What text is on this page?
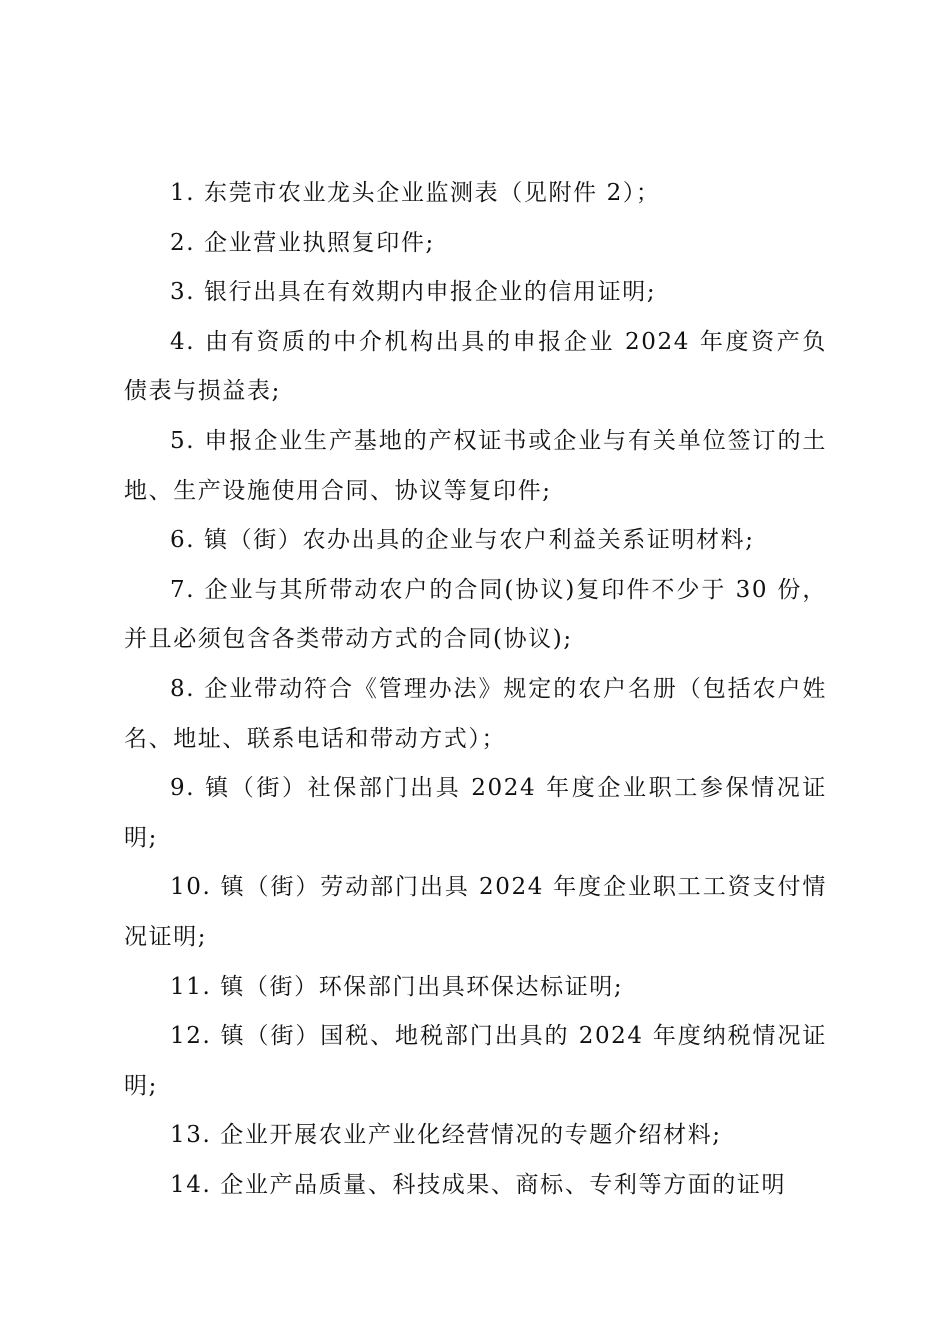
1. 东莞市农业龙头企业监测表（见附件 2）；

2. 企业营业执照复印件;

3. 银行出具在有效期内申报企业的信用证明;

4. 由有资质的中介机构出具的申报企业 2024 年度资产负债表与损益表;

5. 申报企业生产基地的产权证书或企业与有关单位签订的土地、生产设施使用合同、协议等复印件;

6. 镇（街）农办出具的企业与农户利益关系证明材料;

7. 企业与其所带动农户的合同(协议)复印件不少于 30 份，并且必须包含各类带动方式的合同(协议);

8. 企业带动符合《管理办法》规定的农户名册（包括农户姓名、地址、联系电话和带动方式）；

9. 镇（街）社保部门出具 2024 年度企业职工参保情况证明;

10. 镇（街）劳动部门出具 2024 年度企业职工工资支付情况证明;

11. 镇（街）环保部门出具环保达标证明;

12. 镇（街）国税、地税部门出具的 2024 年度纳税情况证明;

13. 企业开展农业产业化经营情况的专题介绍材料;

14. 企业产品质量、科技成果、商标、专利等方面的证明
